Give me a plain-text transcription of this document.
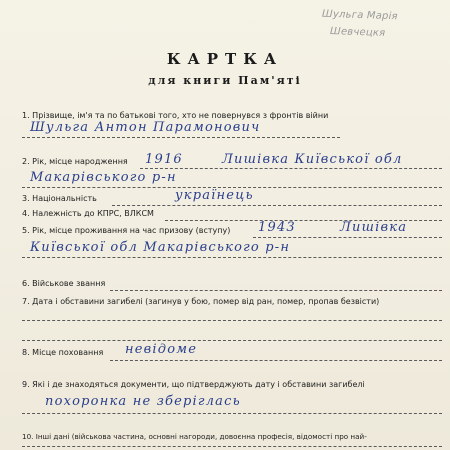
Шульга Марія
Шевчецкя
КАРТКА
для книги Пам'яті
1. Прізвище, ім'я та по батькові того, хто не повернувся з фронтів війни
Шульга Антон Парамонович
2. Рік, місце народження 1916	Лишівка Київської обл
Макарівського р-н
3. Національність	українець
4. Належність до КПРС, ВЛКСМ
5. Рік, місце проживання на час призову (вступу) 1943	Лишівка
Київської обл Макарівського р-н
6. Військове звання
7. Дата і обставини загибелі (загинув у бою, помер від ран, помер, пропав безвісти)
8. Місце поховання невідоме
9. Які і де знаходяться документи, що підтверджують дату і обставини загибелі
похоронка не зберіглась
10. Інші дані (військова частина, основні нагороди, довоєнна професія, відомості про най-
